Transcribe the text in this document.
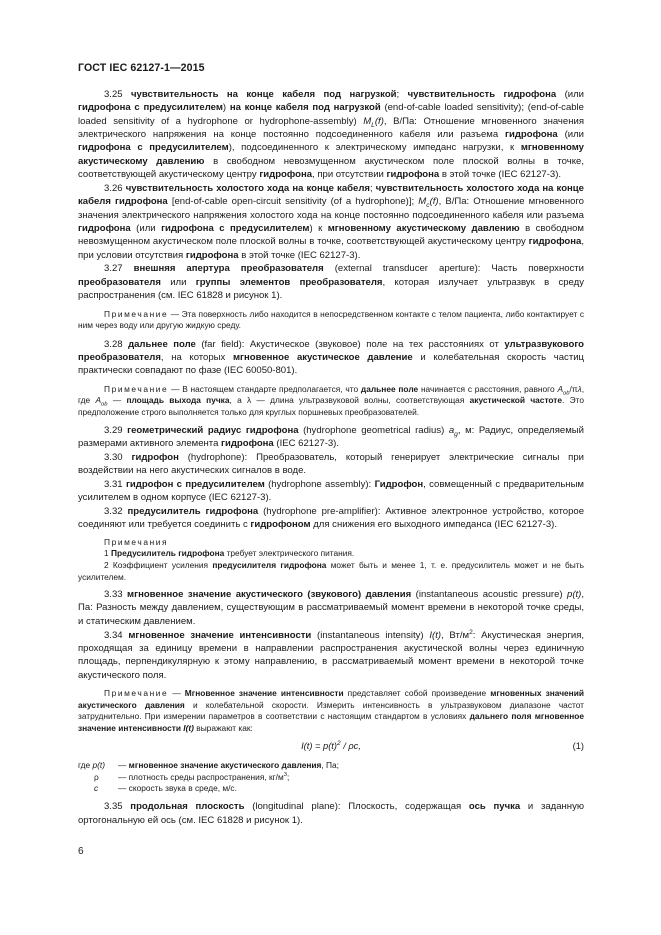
ГОСТ IEC 62127-1—2015

3.25 чувствительность на конце кабеля под нагрузкой; чувствительность гидрофона (или гидрофона с предусилителем) на конце кабеля под нагрузкой (end-of-cable loaded sensitivity); (end-of-cable loaded sensitivity of a hydrophone or hydrophone-assembly) $M_L(f)$, В/Па: Отношение мгновенного значения электрического напряжения на конце постоянно подсоединенного кабеля или разъема гидрофона (или гидрофона с предусилителем), подсоединенного к электрическому импеданс нагрузки, к мгновенному акустическому давлению в свободном невозмущенном акустическом поле плоской волны в точке, соответствующей акустическому центру гидрофона, при отсутствии гидрофона в этой точке (IEC 62127-3).

3.26 чувствительность холостого хода на конце кабеля; чувствительность холостого хода на конце кабеля гидрофона [end-of-cable open-circuit sensitivity (of a hydrophone)]; $M_c(f)$, В/Па: Отношение мгновенного значения электрического напряжения холостого хода на конце постоянно подсоединенного кабеля или разъема гидрофона (или гидрофона с предусилителем) к мгновенному акустическому давлению в свободном невозмущенном акустическом поле плоской волны в точке, соответствующей акустическому центру гидрофона, при условии отсутствия гидрофона в этой точке (IEC 62127-3).

3.27 внешняя апертура преобразователя (external transducer aperture): Часть поверхности преобразователя или группы элементов преобразователя, которая излучает ультразвук в среду распространения (см. IEC 61828 и рисунок 1).

Примечание — Эта поверхность либо находится в непосредственном контакте с телом пациента, либо контактирует с ним через воду или другую жидкую среду.

3.28 дальнее поле (far field): Акустическое (звуковое) поле на тех расстояниях от ультразвукового преобразователя, на которых мгновенное акустическое давление и колебательная скорость частиц практически совпадают по фазе (IEC 60050-801).

Примечание — В настоящем стандарте предполагается, что дальнее поле начинается с расстояния, равного $A_{ob}/\pi\lambda$, где $A_{ob}$ — площадь выхода пучка, а λ — длина ультразвуковой волны, соответствующая акустической частоте. Это предположение строго выполняется только для круглых поршневых преобразователей.

3.29 геометрический радиус гидрофона (hydrophone geometrical radius) $a_g$, м: Радиус, определяемый размерами активного элемента гидрофона (IEC 62127-3).

3.30 гидрофон (hydrophone): Преобразователь, который генерирует электрические сигналы при воздействии на него акустических сигналов в воде.

3.31 гидрофон с предусилителем (hydrophone assembly): Гидрофон, совмещенный с предварительным усилителем в одном корпусе (IEC 62127-3).

3.32 предусилитель гидрофона (hydrophone pre-amplifier): Активное электронное устройство, которое соединяют или требуется соединить с гидрофоном для снижения его выходного импеданса (IEC 62127-3).

Примечания

1 Предусилитель гидрофона требует электрического питания.

2 Коэффициент усиления предусилителя гидрофона может быть и менее 1, т. е. предусилитель может и не быть усилителем.

3.33 мгновенное значение акустического (звукового) давления (instantaneous acoustic pressure) p(t), Па: Разность между давлением, существующим в рассматриваемый момент времени в некоторой точке среды, и статическим давлением.

3.34 мгновенное значение интенсивности (instantaneous intensity) I(t), $Вт/м^2$: Акустическая энергия, проходящая за единицу времени в направлении распространения акустической волны через единичную площадь, перпендикулярную к этому направлению, в рассматриваемый момент времени в некоторой точке акустического поля.

Примечание — Мгновенное значение интенсивности представляет собой произведение мгновенных значений акустического давления и колебательной скорости. Измерить интенсивность в ультразвуковом диапазоне частот затруднительно. При измерении параметров в соответствии с настоящим стандартом в условиях дальнего поля мгновенное значение интенсивности I(t) выражают как:

$I(t) = p(t)^2 / \rho c$,	(1)
где p(t) — мгновенное значение акустического давления, Па;
ρ — плотность среды распространения, $кг/м^3$;
c — скорость звука в среде, м/с.

3.35 продольная плоскость (longitudinal plane): Плоскость, содержащая ось пучка и заданную ортогональную ей ось (см. IEC 61828 и рисунок 1).

6
